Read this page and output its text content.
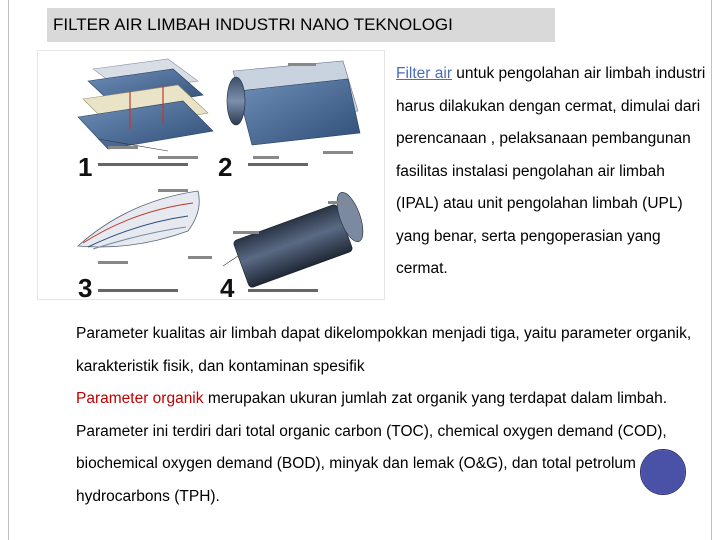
FILTER AIR LIMBAH INDUSTRI NANO TEKNOLOGI
1	2
3	4
Filter air untuk pengolahan air limbah industri harus dilakukan dengan cermat, dimulai dari perencanaan , pelaksanaan pembangunan fasilitas instalasi pengolahan air limbah (IPAL) atau unit pengolahan limbah (UPL) yang benar, serta pengoperasian yang cermat.
Parameter kualitas air limbah dapat dikelompokkan menjadi tiga, yaitu parameter organik, karakteristik fisik, dan kontaminan spesifik
Parameter organik merupakan ukuran jumlah zat organik yang terdapat dalam limbah. Parameter ini terdiri dari total organic carbon (TOC), chemical oxygen demand (COD), biochemical oxygen demand (BOD), minyak dan lemak (O&G), dan total petrolum hydrocarbons (TPH).
